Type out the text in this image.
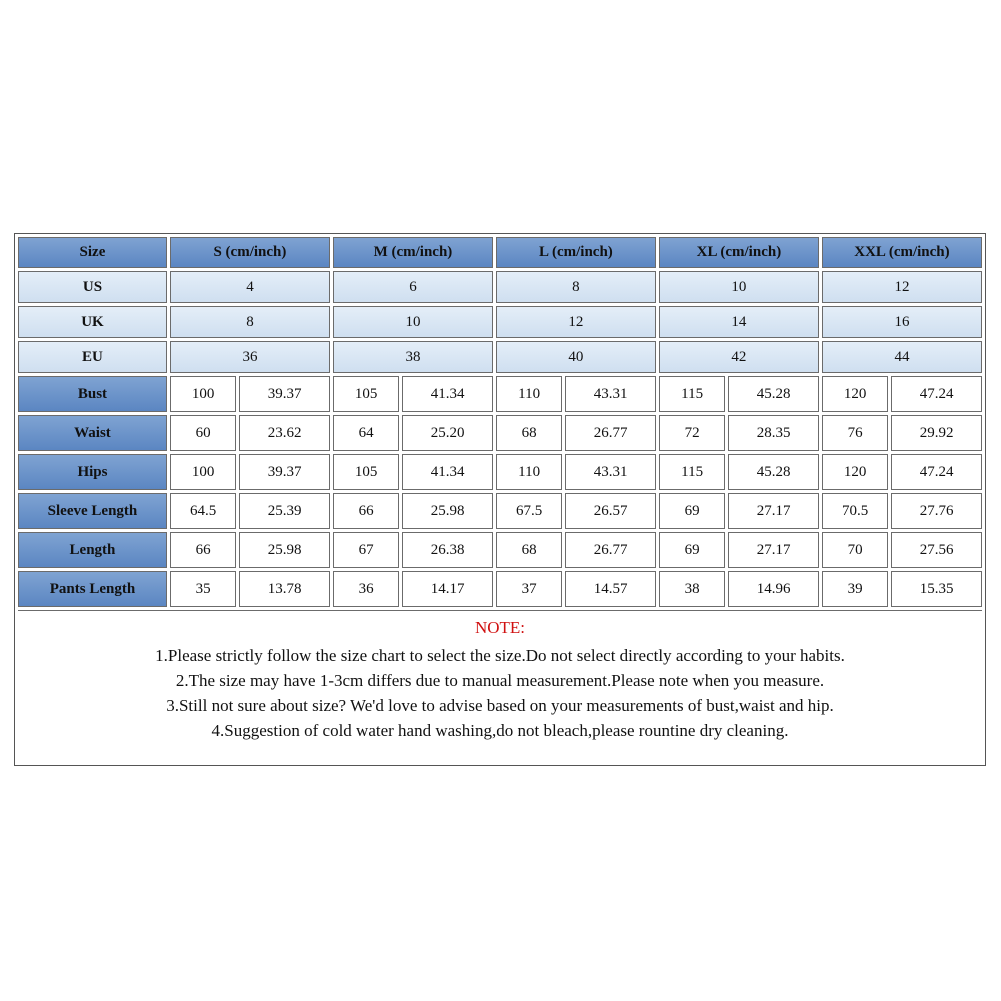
Size	S (cm/inch)		M (cm/inch)		L (cm/inch)		XL (cm/inch)		XXL (cm/inch)	
US	4		6		8		10		12	
UK	8		10		12		14		16	
EU	36		38		40		42		44	
Bust	100	39.37	105	41.34	110	43.31	115	45.28	120	47.24
Waist	60	23.62	64	25.20	68	26.77	72	28.35	76	29.92
Hips	100	39.37	105	41.34	110	43.31	115	45.28	120	47.24
Sleeve Length	64.5	25.39	66	25.98	67.5	26.57	69	27.17	70.5	27.76
Length	66	25.98	67	26.38	68	26.77	69	27.17	70	27.56
Pants Length	35	13.78	36	14.17	37	14.57	38	14.96	39	15.35
NOTE:
1.Please strictly follow the size chart to select the size.Do not select directly according to your habits.
2.The size may have 1-3cm differs due to manual measurement.Please note when you measure.
3.Still not sure about size? We'd love to advise based on your measurements of bust,waist and hip.
4.Suggestion of cold water hand washing,do not bleach,please rountine dry cleaning.
